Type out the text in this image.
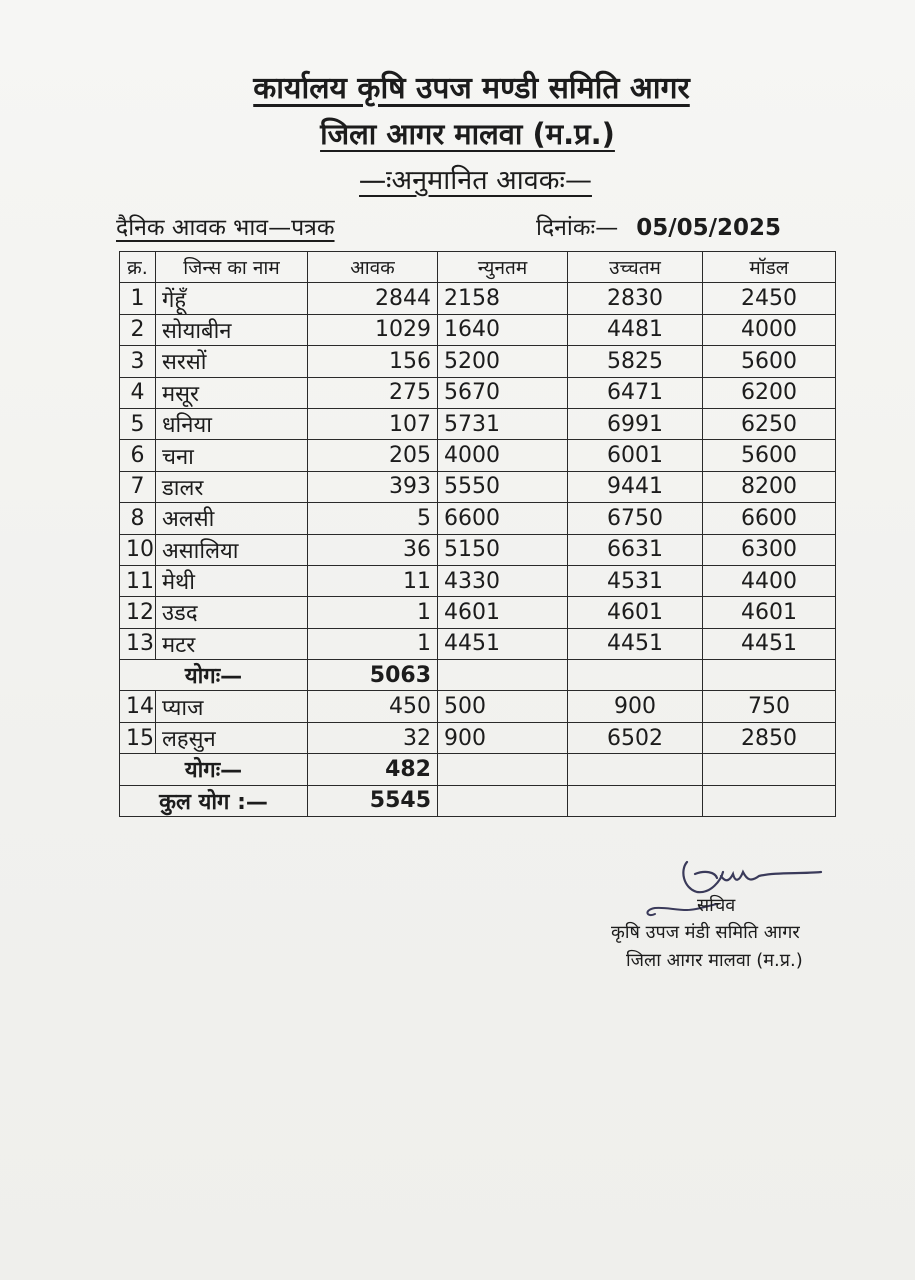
कार्यालय कृषि उपज मण्डी समिति आगर
जिला आगर मालवा (म.प्र.)
—ःअनुमानित आवकः—
दैनिक आवक भाव—पत्रक	दिनांकः— 05/05/2025
क्र.	जिन्स का नाम	आवक	न्युनतम	उच्चतम	मॉडल
1	गेंहूँ	2844	2158	2830	2450
2	सोयाबीन	1029	1640	4481	4000
3	सरसों	156	5200	5825	5600
4	मसूर	275	5670	6471	6200
5	धनिया	107	5731	6991	6250
6	चना	205	4000	6001	5600
7	डालर	393	5550	9441	8200
8	अलसी	5	6600	6750	6600
10	असालिया	36	5150	6631	6300
11	मेथी	11	4330	4531	4400
12	उडद	1	4601	4601	4601
13	मटर	1	4451	4451	4451
योगः—		5063			
14	प्याज	450	500	900	750
15	लहसुन	32	900	6502	2850
योगः—		482			
कुल योग :—		5545			
सचिव
कृषि उपज मंडी समिति आगर
जिला आगर मालवा (म.प्र.)
